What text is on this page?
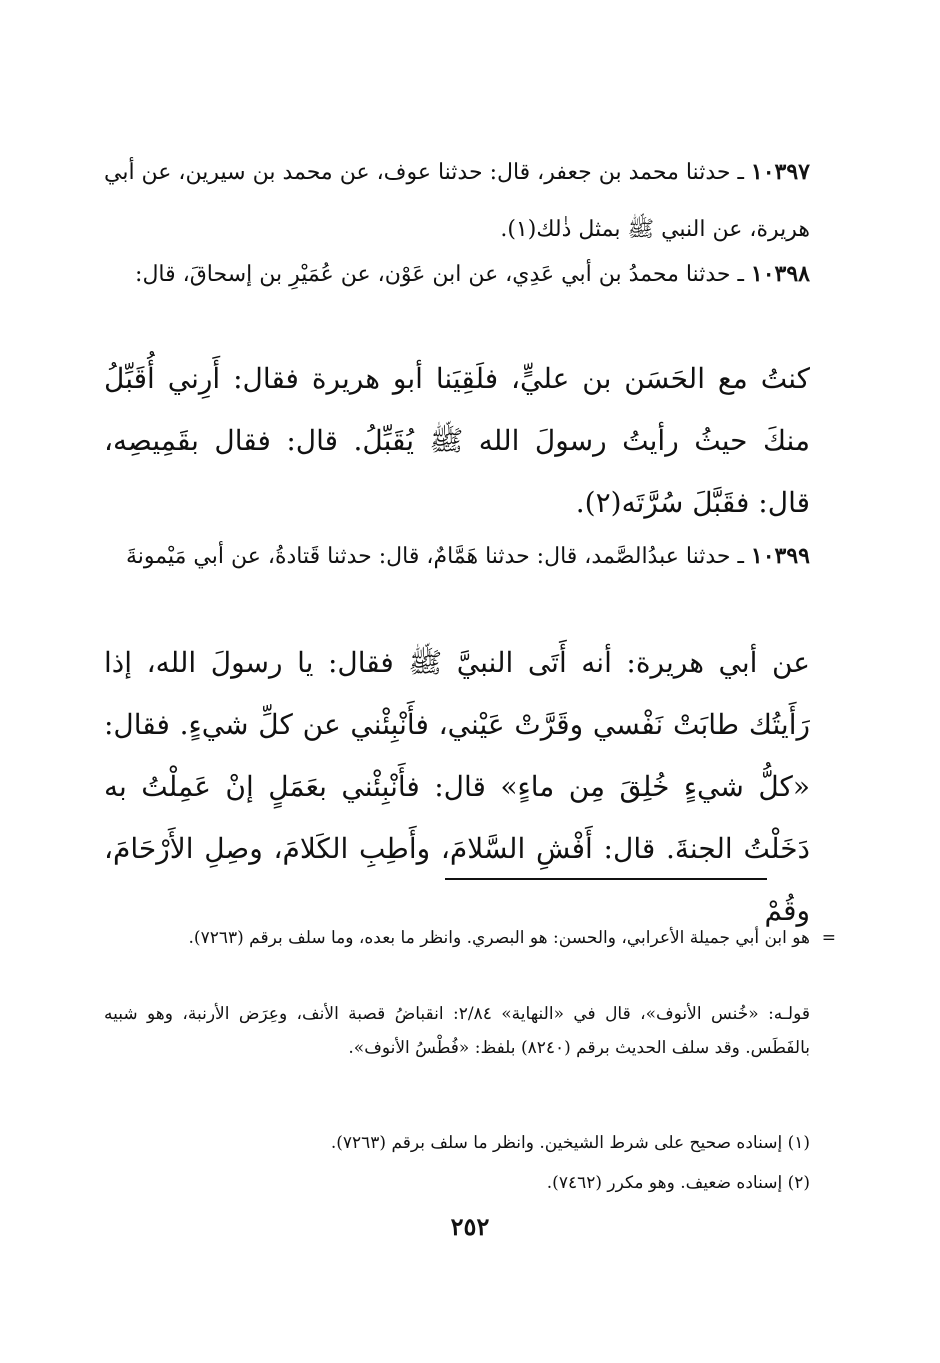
١٠٣٩٧ ـ حدثنا محمد بن جعفر، قال: حدثنا عوف، عن محمد بن سيرين، عن أبي هريرة، عن النبي ﷺ بمثل ذٰلك(١).
١٠٣٩٨ ـ حدثنا محمدُ بن أبي عَدِي، عن ابن عَوْن، عن عُمَيْرِ بن إسحاقَ، قال:
كنتُ مع الحَسَن بن عليٍّ، فلَقِيَنا أبو هريرة فقال: أَرِني أُقَبِّلُ منكَ حيثُ رأيتُ رسولَ الله ﷺ يُقَبِّلُ. قال: فقال بقَمِيصِه، قال: فقَبَّلَ سُرَّتَه(٢).
١٠٣٩٩ ـ حدثنا عبدُالصَّمد، قال: حدثنا هَمَّامٌ، قال: حدثنا قَتادةُ، عن أبي مَيْمونةَ
عن أبي هريرة: أنه أَتَى النبيَّ ﷺ فقال: يا رسولَ الله، إذا رَأَيتُك طابَتْ نَفْسي وقَرَّتْ عَيْني، فأَنْبِئْني عن كلِّ شيءٍ. فقال: «كلُّ شيءٍ خُلِقَ مِن ماءٍ» قال: فأَنْبِئْني بعَمَلٍ إنْ عَمِلْتُ به دَخَلْتُ الجنةَ. قال: أَفْشِ السَّلامَ، وأَطِبِ الكَلامَ، وصِلِ الأَرْحَامَ، وقُمْ
=
هو ابن أبي جميلة الأعرابي، والحسن: هو البصري. وانظر ما بعده، وما سلف برقم (٧٢٦٣).
قولـه: «خُنس الأنوف»، قال في «النهاية» ٢/٨٤: انقباضُ قصبة الأنف، وعِرَض الأرنبة، وهو شبيه بالفَطَس. وقد سلف الحديث برقم (٨٢٤٠) بلفظ: «فُطْسُ الأنوف».
(١) إسناده صحيح على شرط الشيخين. وانظر ما سلف برقم (٧٢٦٣).
(٢) إسناده ضعيف. وهو مكرر (٧٤٦٢).
٢٥٢
